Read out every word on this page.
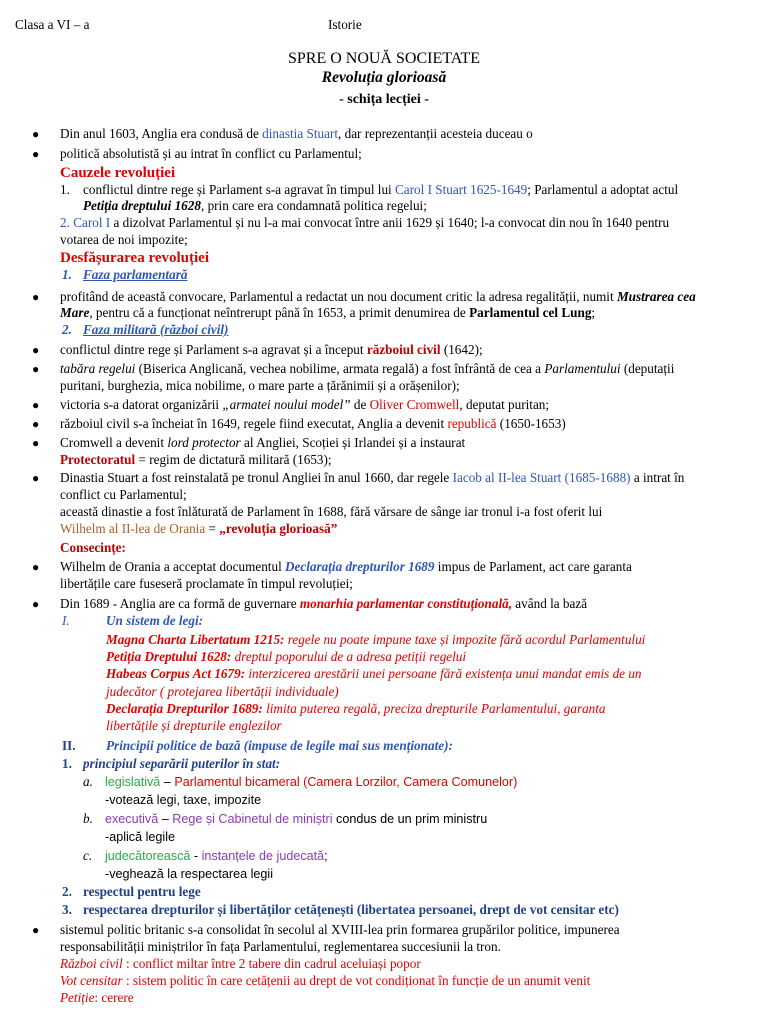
Clasa a VI – a	Istorie
SPRE O NOUĂ SOCIETATE
Revoluția glorioasă
- schița lecției -
● Din anul 1603, Anglia era condusă de dinastia Stuart, dar reprezentanții acesteia duceau o
● politică absolutistă și au intrat în conflict cu Parlamentul;
Cauzele revoluției
1. conflictul dintre rege și Parlament s-a agravat în timpul lui Carol I Stuart 1625-1649; Parlamentul a adoptat actul
Petiția dreptului 1628, prin care era condamnată politica regelui;
2. Carol I a dizolvat Parlamentul și nu l-a mai convocat între anii 1629 și 1640; l-a convocat din nou în 1640 pentru
votarea de noi impozite;
Desfășurarea revoluției
1. Faza parlamentară
● profitând de această convocare, Parlamentul a redactat un nou document critic la adresa regalității, numit Mustrarea cea
Mare, pentru că a funcționat neîntrerupt până în 1653, a primit denumirea de Parlamentul cel Lung;
2. Faza militară (război civil)
● conflictul dintre rege și Parlament s-a agravat și a început războiul civil (1642);
● tabăra regelui (Biserica Anglicană, vechea nobilime, armata regală) a fost înfrântă de cea a Parlamentului (deputații
puritani, burghezia, mica nobilime, o mare parte a țărănimii și a orășenilor);
● victoria s-a datorat organizării „armatei noului model” de Oliver Cromwell, deputat puritan;
● războiul civil s-a încheiat în 1649, regele fiind executat, Anglia a devenit republică (1650-1653)
● Cromwell a devenit lord protector al Angliei, Scoției și Irlandei și a instaurat
Protectoratul = regim de dictatură militară (1653);
● Dinastia Stuart a fost reinstalată pe tronul Angliei în anul 1660, dar regele Iacob al II-lea Stuart (1685-1688) a intrat în
conflict cu Parlamentul;
această dinastie a fost înlăturată de Parlament în 1688, fără vărsare de sânge iar tronul i-a fost oferit lui
Wilhelm al II-lea de Orania = „revoluția glorioasă”
Consecințe:
● Wilhelm de Orania a acceptat documentul Declarația drepturilor 1689 impus de Parlament, act care garanta
libertățile care fuseseră proclamate în timpul revoluției;
● Din 1689 - Anglia are ca formă de guvernare monarhia parlamentar constituțională, având la bază
I.	Un sistem de legi:
Magna Charta Libertatum 1215: regele nu poate impune taxe și impozite fără acordul Parlamentului
Petiția Dreptului 1628: dreptul poporului de a adresa petiții regelui
Habeas Corpus Act 1679: interzicerea arestării unei persoane fără existența unui mandat emis de un
judecător ( protejarea libertății individuale)
Declarația Drepturilor 1689: limita puterea regală, preciza drepturile Parlamentului, garanta
libertățile și drepturile englezilor
II. Principii politice de bază (impuse de legile mai sus menționate):
1. principiul separării puterilor în stat:
a. legislativă – Parlamentul bicameral (Camera Lorzilor, Camera Comunelor)
-votează legi, taxe, impozite
b. executivă – Rege și Cabinetul de miniștri condus de un prim ministru
-aplică legile
c. judecătorească - instanțele de judecată;
-veghează la respectarea legii
2. respectul pentru lege
3. respectarea drepturilor și libertăților cetățenești (libertatea persoanei, drept de vot censitar etc)
● sistemul politic britanic s-a consolidat în secolul al XVIII-lea prin formarea grupărilor politice, impunerea
responsabilității miniștrilor în fața Parlamentului, reglementarea succesiunii la tron.
Război civil : conflict miltar între 2 tabere din cadrul aceluiași popor
Vot censitar : sistem politic în care cetățenii au drept de vot condiționat în funcție de un anumit venit
Petiție: cerere
